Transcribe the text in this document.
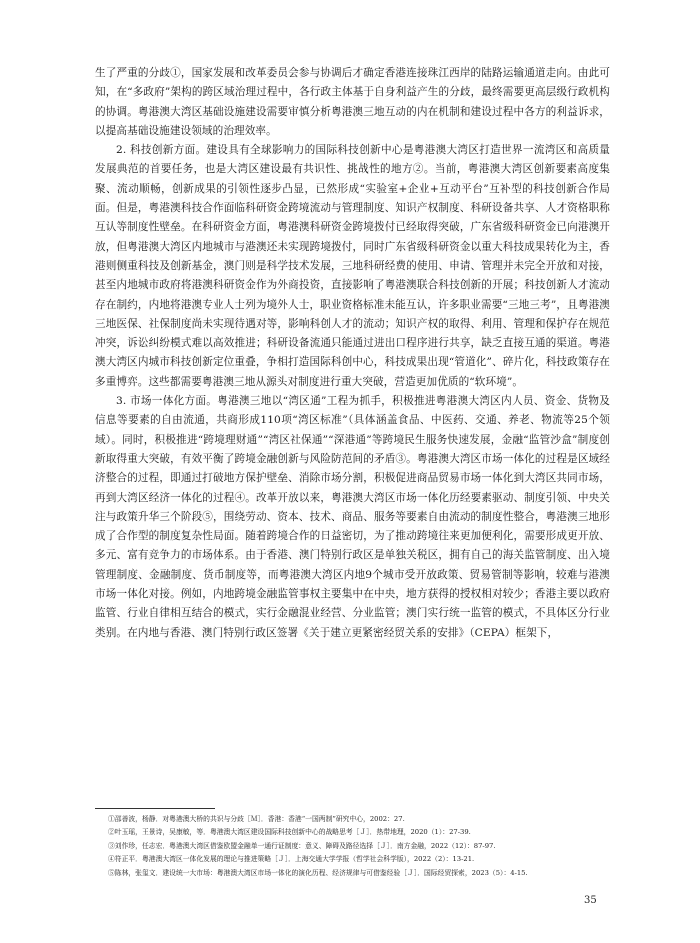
生了严重的分歧①，国家发展和改革委员会参与协调后才确定香港连接珠江西岸的陆路运输通道走向。由此可知，在“多政府”架构的跨区域治理过程中，各行政主体基于自身利益产生的分歧，最终需要更高层级行政机构的协调。粤港澳大湾区基础设施建设需要审慎分析粤港澳三地互动的内在机制和建设过程中各方的利益诉求，以提高基础设施建设领域的治理效率。

2. 科技创新方面。建设具有全球影响力的国际科技创新中心是粤港澳大湾区打造世界一流湾区和高质量发展典范的首要任务，也是大湾区建设最有共识性、挑战性的地方②。当前，粤港澳大湾区创新要素高度集聚、流动顺畅，创新成果的引领性逐步凸显，已然形成“实验室+企业+互动平台”互补型的科技创新合作局面。但是，粤港澳科技合作面临科研资金跨境流动与管理制度、知识产权制度、科研设备共享、人才资格职称互认等制度性壁垒。在科研资金方面，粤港澳科研资金跨境拨付已经取得突破，广东省级科研资金已向港澳开放，但粤港澳大湾区内地城市与港澳还未实现跨境拨付，同时广东省级科研资金以重大科技成果转化为主，香港则侧重科技及创新基金，澳门则是科学技术发展，三地科研经费的使用、申请、管理并未完全开放和对接，甚至内地城市政府将港澳科研资金作为外商投资，直接影响了粤港澳联合科技创新的开展；科技创新人才流动存在制约，内地将港澳专业人士列为境外人士，职业资格标准未能互认，许多职业需要“三地三考”，且粤港澳三地医保、社保制度尚未实现待遇对等，影响科创人才的流动；知识产权的取得、利用、管理和保护存在规范冲突，诉讼纠纷模式难以高效推进；科研设备流通只能通过进出口程序进行共享，缺乏直接互通的渠道。粤港澳大湾区内城市科技创新定位重叠，争相打造国际科创中心，科技成果出现“管道化”、碎片化，科技政策存在多重博弈。这些都需要粤港澳三地从源头对制度进行重大突破，营造更加优质的“软环境”。

3. 市场一体化方面。粤港澳三地以“湾区通”工程为抓手，积极推进粤港澳大湾区内人员、资金、货物及信息等要素的自由流通，共商形成110项“湾区标准”（具体涵盖食品、中医药、交通、养老、物流等25个领域）。同时，积极推进“跨境理财通”“湾区社保通”“深港通”等跨境民生服务快速发展，金融“监管沙盒”制度创新取得重大突破，有效平衡了跨境金融创新与风险防范间的矛盾③。粤港澳大湾区市场一体化的过程是区域经济整合的过程，即通过打破地方保护壁垒、消除市场分割，积极促进商品贸易市场一体化到大湾区共同市场，再到大湾区经济一体化的过程④。改革开放以来，粤港澳大湾区市场一体化历经要素驱动、制度引领、中央关注与政策升华三个阶段⑤，围绕劳动、资本、技术、商品、服务等要素自由流动的制度性整合，粤港澳三地形成了合作型的制度复杂性局面。随着跨境合作的日益密切，为了推动跨境往来更加便利化，需要形成更开放、多元、富有竞争力的市场体系。由于香港、澳门特别行政区是单独关税区，拥有自己的海关监管制度、出入境管理制度、金融制度、货币制度等，而粤港澳大湾区内地9个城市受开放政策、贸易管制等影响，较难与港澳市场一体化对接。例如，内地跨境金融监管事权主要集中在中央，地方获得的授权相对较少；香港主要以政府监管、行业自律相互结合的模式，实行金融混业经营、分业监管；澳门实行统一监管的模式，不具体区分行业类别。在内地与香港、澳门特别行政区签署《关于建立更紧密经贸关系的安排》（CEPA）框架下，

①邵善波，杨静．对粤港澳大桥的共识与分歧［Ｍ］．香港：香港“一国两制”研究中心，2002：27.

②叶玉瑶，王景诗，吴康敏，等．粤港澳大湾区建设国际科技创新中心的战略思考［Ｊ］．热带地理，2020（1）：27-39.

③刘作珍，任志宏．粤港澳大湾区借鉴欧盟金融单一通行证制度：意义、障碍及路径选择［Ｊ］．南方金融，2022（12）：87-97.

④符正平．粤港澳大湾区一体化发展的理论与推进策略［Ｊ］．上海交通大学学报（哲学社会科学版），2022（2）：13-21.

⑤陈林，张玺文．建设统一大市场：粤港澳大湾区市场一体化的演化历程、经济规律与可借鉴经验［Ｊ］．国际经贸探索，2023（5）：4-15.

35
